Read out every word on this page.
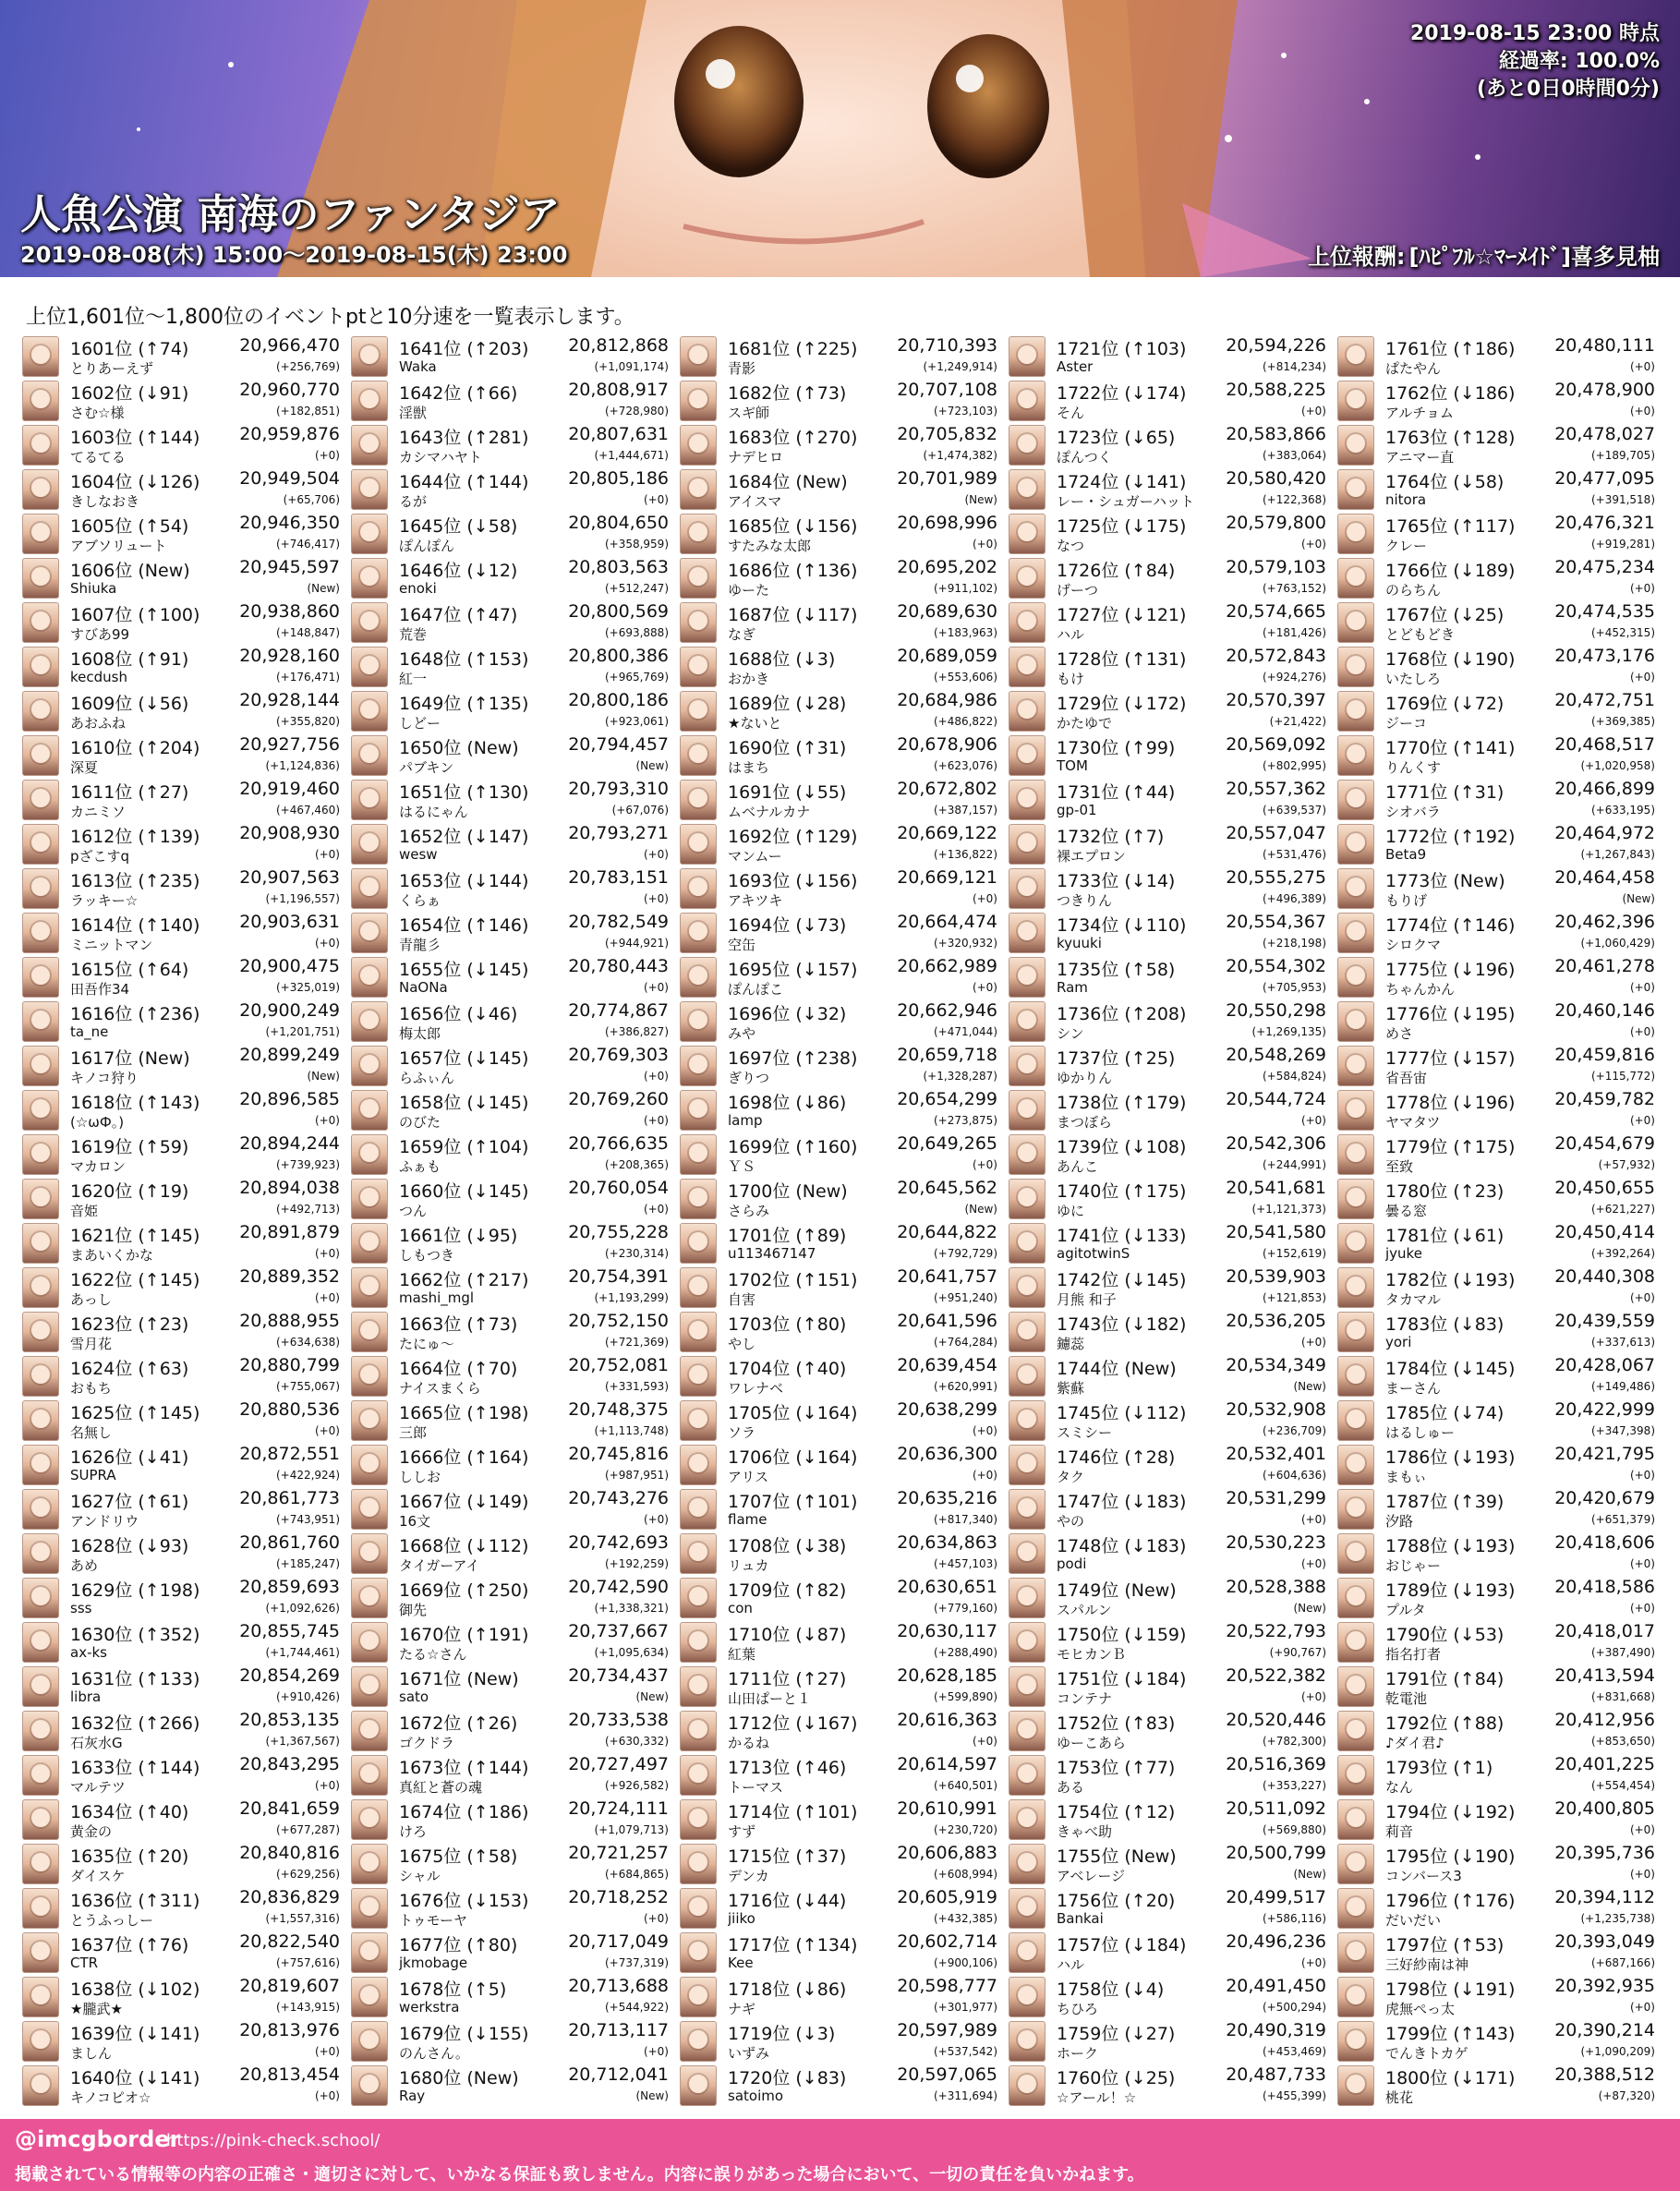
人魚公演 南海のファンタジア
2019-08-08(木) 15:00～2019-08-15(木) 23:00	上位報酬: [ﾊﾋﾟﾌﾙ☆ﾏｰﾒｲﾄﾞ]喜多見柚
2019-08-15 23:00 時点
経過率: 100.0%
(あと0日0時間0分)
上位1,601位～1,800位のイベントptと10分速を一覧表示します。
1601位 (↑74)
とりあーえず
20,966,470
(+256,769)
1602位 (↓91)
さむ☆様
20,960,770
(+182,851)
1603位 (↑144)
てるてる
20,959,876
(+0)
1604位 (↓126)
きしなおき
20,949,504
(+65,706)
1605位 (↑54)
アブソリュート
20,946,350
(+746,417)
1606位 (New)
Shiuka
20,945,597
(New)
1607位 (↑100)
すびあ99
20,938,860
(+148,847)
1608位 (↑91)
kecdush
20,928,160
(+176,471)
1609位 (↓56)
あおふね
20,928,144
(+355,820)
1610位 (↑204)
深夏
20,927,756
(+1,124,836)
1611位 (↑27)
カニミソ
20,919,460
(+467,460)
1612位 (↑139)
pざこすq
20,908,930
(+0)
1613位 (↑235)
ラッキー☆
20,907,563
(+1,196,557)
1614位 (↑140)
ミニットマン
20,903,631
(+0)
1615位 (↑64)
田吾作34
20,900,475
(+325,019)
1616位 (↑236)
ta_ne
20,900,249
(+1,201,751)
1617位 (New)
キノコ狩り
20,899,249
(New)
1618位 (↑143)
(☆ωФ。)
20,896,585
(+0)
1619位 (↑59)
マカロン
20,894,244
(+739,923)
1620位 (↑19)
音姫
20,894,038
(+492,713)
1621位 (↑145)
まあいくかな
20,891,879
(+0)
1622位 (↑145)
あっし
20,889,352
(+0)
1623位 (↑23)
雪月花
20,888,955
(+634,638)
1624位 (↑63)
おもち
20,880,799
(+755,067)
1625位 (↑145)
名無し
20,880,536
(+0)
1626位 (↓41)
SUPRA
20,872,551
(+422,924)
1627位 (↑61)
アンドリウ
20,861,773
(+743,951)
1628位 (↓93)
あめ
20,861,760
(+185,247)
1629位 (↑198)
sss
20,859,693
(+1,092,626)
1630位 (↑352)
ax-ks
20,855,745
(+1,744,461)
1631位 (↑133)
libra
20,854,269
(+910,426)
1632位 (↑266)
石灰水G
20,853,135
(+1,367,567)
1633位 (↑144)
マルテツ
20,843,295
(+0)
1634位 (↑40)
黄金の
20,841,659
(+677,287)
1635位 (↑20)
ダイスケ
20,840,816
(+629,256)
1636位 (↑311)
とうふっしー
20,836,829
(+1,557,316)
1637位 (↑76)
CTR
20,822,540
(+757,616)
1638位 (↓102)
★朧武★
20,819,607
(+143,915)
1639位 (↓141)
ましん
20,813,976
(+0)
1640位 (↓141)
キノコピオ☆
20,813,454
(+0)
1641位 (↑203)
Waka
20,812,868
(+1,091,174)
1642位 (↑66)
淫獣
20,808,917
(+728,980)
1643位 (↑281)
カシマハヤト
20,807,631
(+1,444,671)
1644位 (↑144)
るが
20,805,186
(+0)
1645位 (↓58)
ぽんぽん
20,804,650
(+358,959)
1646位 (↓12)
enoki
20,803,563
(+512,247)
1647位 (↑47)
荒巻
20,800,569
(+693,888)
1648位 (↑153)
紅一
20,800,386
(+965,769)
1649位 (↑135)
しどー
20,800,186
(+923,061)
1650位 (New)
パブキン
20,794,457
(New)
1651位 (↑130)
はるにゃん
20,793,310
(+67,076)
1652位 (↓147)
wesw
20,793,271
(+0)
1653位 (↓144)
くらぁ
20,783,151
(+0)
1654位 (↑146)
青龍彡
20,782,549
(+944,921)
1655位 (↓145)
NaONa
20,780,443
(+0)
1656位 (↓46)
梅太郎
20,774,867
(+386,827)
1657位 (↓145)
らふぃん
20,769,303
(+0)
1658位 (↓145)
のびた
20,769,260
(+0)
1659位 (↑104)
ふぁも
20,766,635
(+208,365)
1660位 (↓145)
つん
20,760,054
(+0)
1661位 (↓95)
しもつき
20,755,228
(+230,314)
1662位 (↑217)
mashi_mgl
20,754,391
(+1,193,299)
1663位 (↑73)
たにゅ～
20,752,150
(+721,369)
1664位 (↑70)
ナイスまくら
20,752,081
(+331,593)
1665位 (↑198)
三郎
20,748,375
(+1,113,748)
1666位 (↑164)
ししお
20,745,816
(+987,951)
1667位 (↓149)
16文
20,743,276
(+0)
1668位 (↓112)
タイガーアイ
20,742,693
(+192,259)
1669位 (↑250)
御先
20,742,590
(+1,338,321)
1670位 (↑191)
たる☆さん
20,737,667
(+1,095,634)
1671位 (New)
sato
20,734,437
(New)
1672位 (↑26)
ゴクドラ
20,733,538
(+630,332)
1673位 (↑144)
真紅と蒼の魂
20,727,497
(+926,582)
1674位 (↑186)
けろ
20,724,111
(+1,079,713)
1675位 (↑58)
シャル
20,721,257
(+684,865)
1676位 (↓153)
トゥモーヤ
20,718,252
(+0)
1677位 (↑80)
jkmobage
20,717,049
(+737,319)
1678位 (↑5)
werkstra
20,713,688
(+544,922)
1679位 (↓155)
のんさん。
20,713,117
(+0)
1680位 (New)
Ray
20,712,041
(New)
1681位 (↑225)
青影
20,710,393
(+1,249,914)
1682位 (↑73)
スギ師
20,707,108
(+723,103)
1683位 (↑270)
ナデヒロ
20,705,832
(+1,474,382)
1684位 (New)
アイスマ
20,701,989
(New)
1685位 (↓156)
すたみな太郎
20,698,996
(+0)
1686位 (↑136)
ゆーた
20,695,202
(+911,102)
1687位 (↓117)
なぎ
20,689,630
(+183,963)
1688位 (↓3)
おかき
20,689,059
(+553,606)
1689位 (↓28)
★ないと
20,684,986
(+486,822)
1690位 (↑31)
はまち
20,678,906
(+623,076)
1691位 (↓55)
ムベナルカナ
20,672,802
(+387,157)
1692位 (↑129)
マンムー
20,669,122
(+136,822)
1693位 (↓156)
アキツキ
20,669,121
(+0)
1694位 (↓73)
空缶
20,664,474
(+320,932)
1695位 (↓157)
ぽんぽこ
20,662,989
(+0)
1696位 (↓32)
みや
20,662,946
(+471,044)
1697位 (↑238)
ぎりつ
20,659,718
(+1,328,287)
1698位 (↓86)
lamp
20,654,299
(+273,875)
1699位 (↑160)
ＹＳ
20,649,265
(+0)
1700位 (New)
さらみ
20,645,562
(New)
1701位 (↑89)
u113467147
20,644,822
(+792,729)
1702位 (↑151)
自害
20,641,757
(+951,240)
1703位 (↑80)
やし
20,641,596
(+764,284)
1704位 (↑40)
ワレナベ
20,639,454
(+620,991)
1705位 (↓164)
ソラ
20,638,299
(+0)
1706位 (↓164)
アリス
20,636,300
(+0)
1707位 (↑101)
flame
20,635,216
(+817,340)
1708位 (↓38)
リュカ
20,634,863
(+457,103)
1709位 (↑82)
con
20,630,651
(+779,160)
1710位 (↓87)
紅葉
20,630,117
(+288,490)
1711位 (↑27)
山田ぱーと１
20,628,185
(+599,890)
1712位 (↓167)
かるね
20,616,363
(+0)
1713位 (↑46)
トーマス
20,614,597
(+640,501)
1714位 (↑101)
すず
20,610,991
(+230,720)
1715位 (↑37)
デンカ
20,606,883
(+608,994)
1716位 (↓44)
jiiko
20,605,919
(+432,385)
1717位 (↑134)
Kee
20,602,714
(+900,106)
1718位 (↓86)
ナギ
20,598,777
(+301,977)
1719位 (↓3)
いずみ
20,597,989
(+537,542)
1720位 (↓83)
satoimo
20,597,065
(+311,694)
1721位 (↑103)
Aster
20,594,226
(+814,234)
1722位 (↓174)
そん
20,588,225
(+0)
1723位 (↓65)
ぽんつく
20,583,866
(+383,064)
1724位 (↓141)
レー・シュガーハット
20,580,420
(+122,368)
1725位 (↓175)
なつ
20,579,800
(+0)
1726位 (↑84)
げーつ
20,579,103
(+763,152)
1727位 (↓121)
ハル
20,574,665
(+181,426)
1728位 (↑131)
もけ
20,572,843
(+924,276)
1729位 (↓172)
かたゆで
20,570,397
(+21,422)
1730位 (↑99)
TOM
20,569,092
(+802,995)
1731位 (↑44)
gp-01
20,557,362
(+639,537)
1732位 (↑7)
裸エプロン
20,557,047
(+531,476)
1733位 (↓14)
つきりん
20,555,275
(+496,389)
1734位 (↓110)
kyuuki
20,554,367
(+218,198)
1735位 (↑58)
Ram
20,554,302
(+705,953)
1736位 (↑208)
シン
20,550,298
(+1,269,135)
1737位 (↑25)
ゆかりん
20,548,269
(+584,824)
1738位 (↑179)
まつぼら
20,544,724
(+0)
1739位 (↓108)
あんこ
20,542,306
(+244,991)
1740位 (↑175)
ゆに
20,541,681
(+1,121,373)
1741位 (↓133)
agitotwinS
20,541,580
(+152,619)
1742位 (↓145)
月熊 和子
20,539,903
(+121,853)
1743位 (↓182)
鑢蕊
20,536,205
(+0)
1744位 (New)
紫蘇
20,534,349
(New)
1745位 (↓112)
スミシー
20,532,908
(+236,709)
1746位 (↑28)
タク
20,532,401
(+604,636)
1747位 (↓183)
やの
20,531,299
(+0)
1748位 (↓183)
podi
20,530,223
(+0)
1749位 (New)
スパルン
20,528,388
(New)
1750位 (↓159)
モヒカンＢ
20,522,793
(+90,767)
1751位 (↓184)
コンテナ
20,522,382
(+0)
1752位 (↑83)
ゆーこあら
20,520,446
(+782,300)
1753位 (↑77)
ある
20,516,369
(+353,227)
1754位 (↑12)
きゃべ助
20,511,092
(+569,880)
1755位 (New)
アベレージ
20,500,799
(New)
1756位 (↑20)
Bankai
20,499,517
(+586,116)
1757位 (↓184)
ハル
20,496,236
(+0)
1758位 (↓4)
ちひろ
20,491,450
(+500,294)
1759位 (↓27)
ホーク
20,490,319
(+453,469)
1760位 (↓25)
☆アール！☆
20,487,733
(+455,399)
1761位 (↑186)
ぱたやん
20,480,111
(+0)
1762位 (↓186)
アルチョム
20,478,900
(+0)
1763位 (↑128)
アニマー直
20,478,027
(+189,705)
1764位 (↓58)
nitora
20,477,095
(+391,518)
1765位 (↑117)
クレー
20,476,321
(+919,281)
1766位 (↓189)
のらちん
20,475,234
(+0)
1767位 (↓25)
とどもどき
20,474,535
(+452,315)
1768位 (↓190)
いたしろ
20,473,176
(+0)
1769位 (↓72)
ジーコ
20,472,751
(+369,385)
1770位 (↑141)
りんくす
20,468,517
(+1,020,958)
1771位 (↑31)
シオバラ
20,466,899
(+633,195)
1772位 (↑192)
Beta9
20,464,972
(+1,267,843)
1773位 (New)
もりげ
20,464,458
(New)
1774位 (↑146)
シロクマ
20,462,396
(+1,060,429)
1775位 (↓196)
ちゃんかん
20,461,278
(+0)
1776位 (↓195)
めさ
20,460,146
(+0)
1777位 (↓157)
省吾宙
20,459,816
(+115,772)
1778位 (↓196)
ヤマタツ
20,459,782
(+0)
1779位 (↑175)
至致
20,454,679
(+57,932)
1780位 (↑23)
曇る窓
20,450,655
(+621,227)
1781位 (↓61)
jyuke
20,450,414
(+392,264)
1782位 (↓193)
タカマル
20,440,308
(+0)
1783位 (↓83)
yori
20,439,559
(+337,613)
1784位 (↓145)
まーさん
20,428,067
(+149,486)
1785位 (↓74)
はるしゅー
20,422,999
(+347,398)
1786位 (↓193)
まもぃ
20,421,795
(+0)
1787位 (↑39)
汐路
20,420,679
(+651,379)
1788位 (↓193)
おじゃー
20,418,606
(+0)
1789位 (↓193)
プルタ
20,418,586
(+0)
1790位 (↓53)
指名打者
20,418,017
(+387,490)
1791位 (↑84)
乾電池
20,413,594
(+831,668)
1792位 (↑88)
♪ダイ君♪
20,412,956
(+853,650)
1793位 (↑1)
なん
20,401,225
(+554,454)
1794位 (↓192)
莉音
20,400,805
(+0)
1795位 (↓190)
コンバース3
20,395,736
(+0)
1796位 (↑176)
だいだい
20,394,112
(+1,235,738)
1797位 (↑53)
三好紗南は神
20,393,049
(+687,166)
1798位 (↓191)
虎無ぺっ太
20,392,935
(+0)
1799位 (↑143)
でんきトカゲ
20,390,214
(+1,090,209)
1800位 (↓171)
桃花
20,388,512
(+87,320)
@imcgborder
https://pink-check.school/
掲載されている情報等の内容の正確さ・適切さに対して、いかなる保証も致しません。内容に誤りがあった場合において、一切の責任を負いかねます。
